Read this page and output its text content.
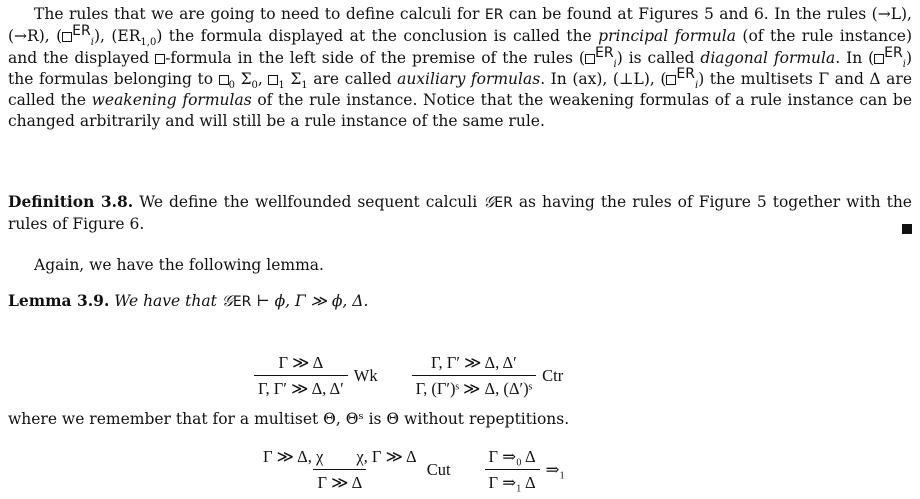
The rules that we are going to need to define calculi for ER can be found at Figures 5 and 6. In the rules (→L), (→R), ( $^{ER}_i$), $(ER_{1,0})$ the formula displayed at the conclusion is called the principal formula (of the rule instance) and the displayed -formula in the left side of the premise of the rules ( $^{ER}_i$) is called diagonal formula. In ( $^{ER}_i$) the formulas belonging to $_0$ $\Sigma_0$, $_1$ $\Sigma_1$ are called auxiliary formulas. In (ax), (⊥L), ( $^{ER}_i$) the multisets Γ and Δ are called the weakening formulas of the rule instance. Notice that the weakening formulas of a rule instance can be changed arbitrarily and will still be a rule instance of the same rule.

Definition 3.8. We define the wellfounded sequent calculi 𝒢ER as having the rules of Figure 5 together with the rules of Figure 6.

Again, we have the following lemma.

Lemma 3.9. We have that 𝒢ER ⊢ ϕ, Γ ≫ ϕ, Δ.

$\frac{\Gamma ≫ \Delta}{\Gamma, \Gamma' ≫ \Delta, \Delta'}$ Wk $\frac{\Gamma, \Gamma' ≫ \Delta, \Delta'}{\text{Γ, (Γ′)ˢ ≫ Δ, (Δ′)ˢ}}$ Ctr

where we remember that for a multiset Θ, Θˢ is Θ without repeptitions.

$\frac{\text{Γ ≫ Δ, χ        χ, Γ ≫ Δ}}{\Gamma ≫ \Delta}$ Cut $\frac{\text{Γ ⇒₀ Δ}}{\text{Γ ⇒₁ Δ}}$ ⇒₁
